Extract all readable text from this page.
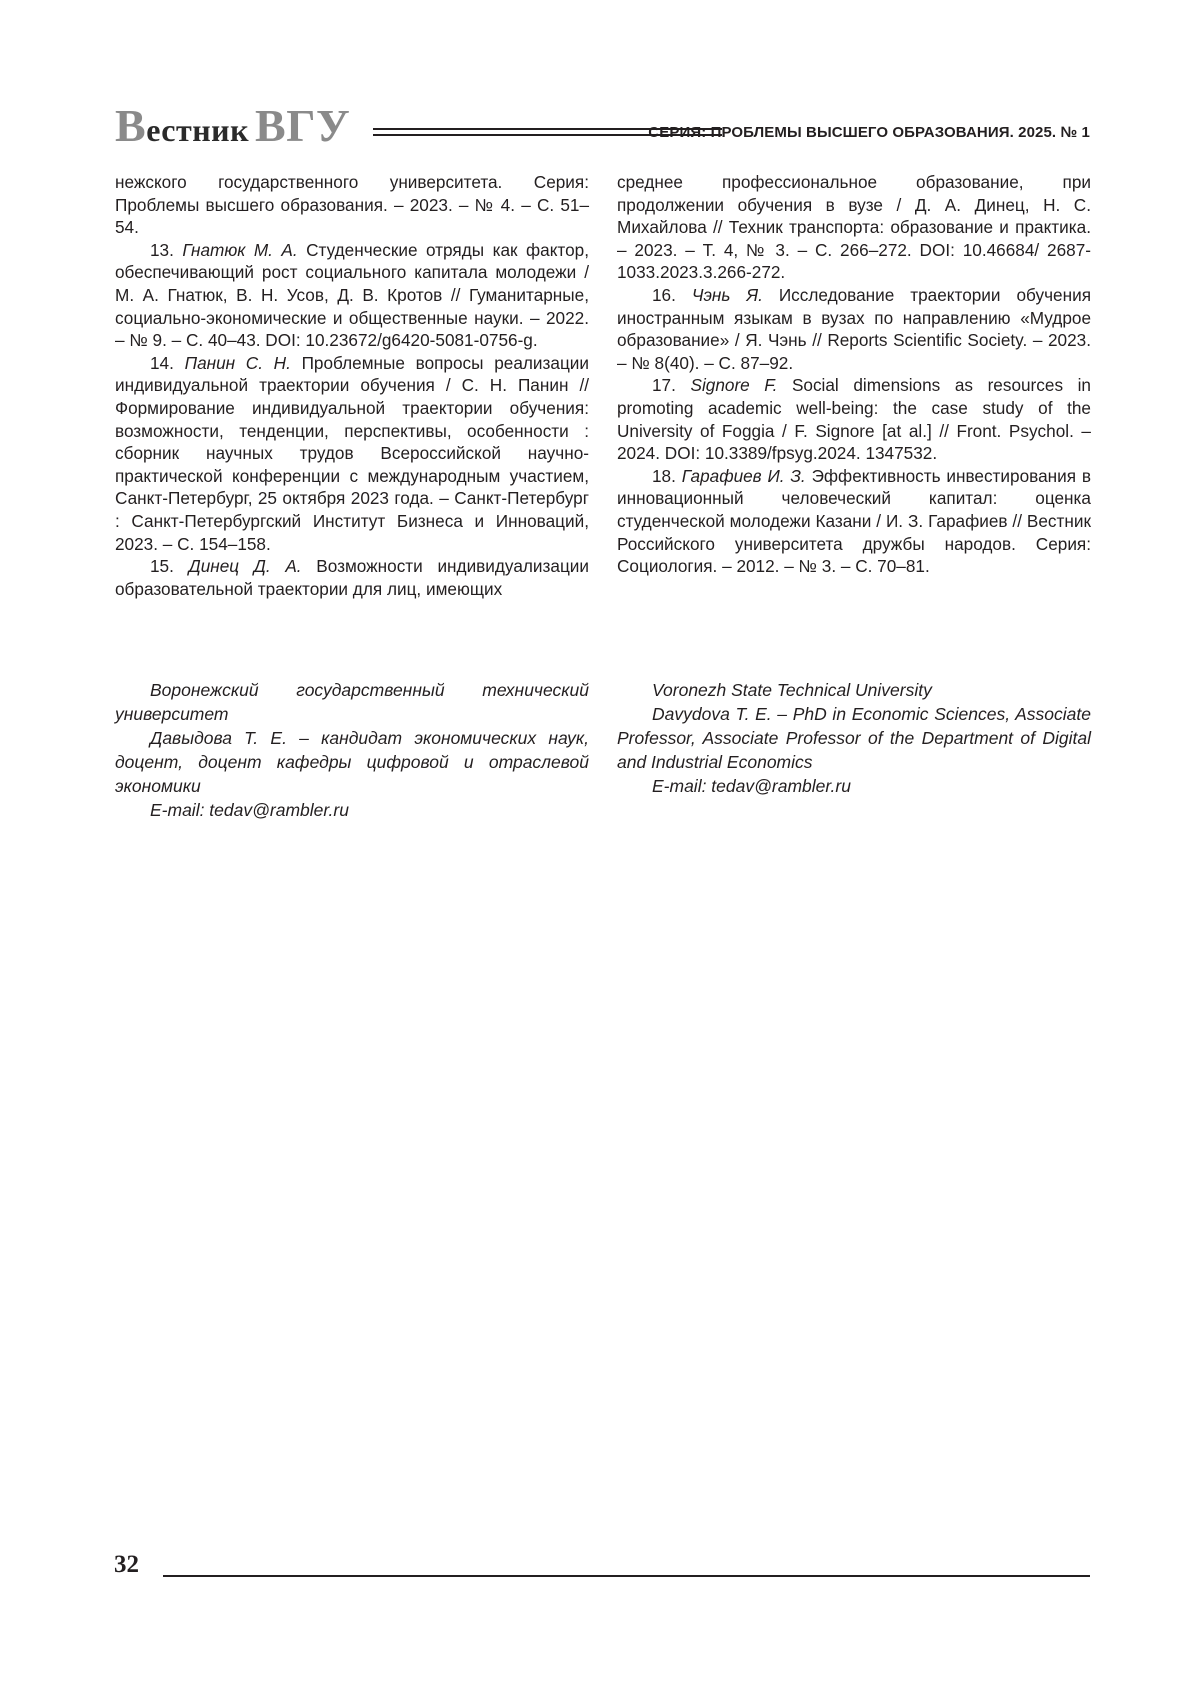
Вестник ВГУ	СЕРИЯ: ПРОБЛЕМЫ ВЫСШЕГО ОБРАЗОВАНИЯ. 2025. № 1

нежского государственного университета. Серия: Проблемы высшего образования. – 2023. – № 4. – С. 51–54.

13. Гнатюк М. А. Студенческие отряды как фактор, обеспечивающий рост социального капитала молодежи / М. А. Гнатюк, В. Н. Усов, Д. В. Кротов // Гуманитарные, социально-экономические и общественные науки. – 2022. – № 9. – С. 40–43. DOI: 10.23672/g6420-5081-0756-g.

14. Панин С. Н. Проблемные вопросы реализации индивидуальной траектории обучения / С. Н. Панин // Формирование индивидуальной траектории обучения: возможности, тенденции, перспективы, особенности : сборник научных трудов Всероссийской научно-практической конференции с международным участием, Санкт-Петербург, 25 октября 2023 года. – Санкт-Петербург : Санкт-Петербургский Институт Бизнеса и Инноваций, 2023. – С. 154–158.

15. Динец Д. А. Возможности индивидуализации образовательной траектории для лиц, имеющих

среднее профессиональное образование, при продолжении обучения в вузе / Д. А. Динец, Н. С. Михайлова // Техник транспорта: образование и практика. – 2023. – Т. 4, № 3. – С. 266–272. DOI: 10.46684/ 2687-1033.2023.3.266-272.

16. Чэнь Я. Исследование траектории обучения иностранным языкам в вузах по направлению «Мудрое образование» / Я. Чэнь // Reports Scientific Society. – 2023. – № 8(40). – С. 87–92.

17. Signore F. Social dimensions as resources in promoting academic well-being: the case study of the University of Foggia / F. Signore [at al.] // Front. Psychol. – 2024. DOI: 10.3389/fpsyg.2024. 1347532.

18. Гарафиев И. З. Эффективность инвестирования в инновационный человеческий капитал: оценка студенческой молодежи Казани / И. З. Гарафиев // Вестник Российского университета дружбы народов. Серия: Социология. – 2012. – № 3. – С. 70–81.

Воронежский государственный технический университет

Давыдова Т. Е. – кандидат экономических наук, доцент, доцент кафедры цифровой и отраслевой экономики

E-mail: tedav@rambler.ru

Voronezh State Technical University

Davydova T. E. – PhD in Economic Sciences, Associate Professor, Associate Professor of the Department of Digital and Industrial Economics

E-mail: tedav@rambler.ru

32
